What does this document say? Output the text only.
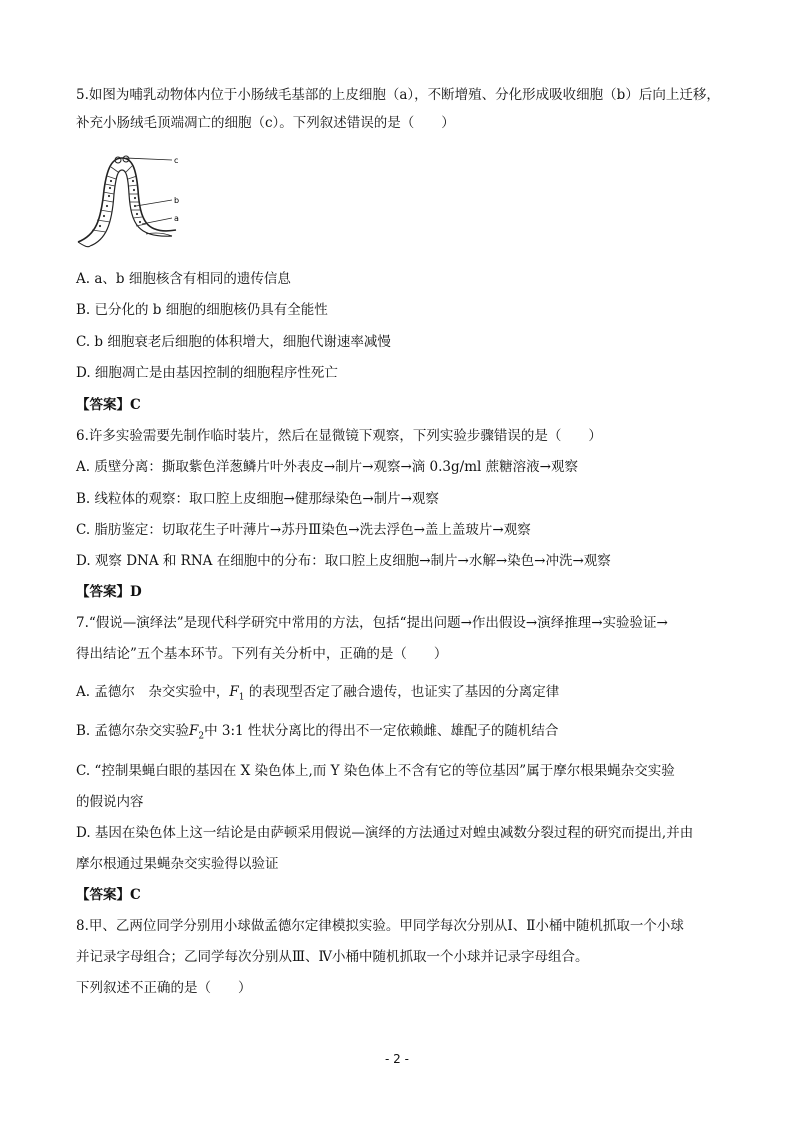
5.如图为哺乳动物体内位于小肠绒毛基部的上皮细胞（a），不断增殖、分化形成吸收细胞（b）后向上迁移，
补充小肠绒毛顶端凋亡的细胞（c）。下列叙述错误的是（　　）
c
b
a
A. a、b 细胞核含有相同的遗传信息
B. 已分化的 b 细胞的细胞核仍具有全能性
C. b 细胞衰老后细胞的体积增大，细胞代谢速率减慢
D. 细胞凋亡是由基因控制的细胞程序性死亡
【答案】C
6.许多实验需要先制作临时装片，然后在显微镜下观察，下列实验步骤错误的是（　　）
A. 质壁分离：撕取紫色洋葱鳞片叶外表皮→制片→观察→滴 0.3g/ml 蔗糖溶液→观察
B. 线粒体的观察：取口腔上皮细胞→健那绿染色→制片→观察
C. 脂肪鉴定：切取花生子叶薄片→苏丹Ⅲ染色→洗去浮色→盖上盖玻片→观察
D. 观察 DNA 和 RNA 在细胞中的分布：取口腔上皮细胞→制片→水解→染色→冲洗→观察
【答案】D
7.“假说—演绎法”是现代科学研究中常用的方法，包括“提出问题→作出假设→演绎推理→实验验证→
得出结论”五个基本环节。下列有关分析中，正确的是（　　）
A. 孟德尔　杂交实验中，$F_1$ 的表现型否定了融合遗传，也证实了基因的分离定律
B. 孟德尔杂交实验$F_2$中 3:1 性状分离比的得出不一定依赖雌、雄配子的随机结合
C. “控制果蝇白眼的基因在 X 染色体上,而 Y 染色体上不含有它的等位基因”属于摩尔根果蝇杂交实验
的假说内容
D. 基因在染色体上这一结论是由萨顿采用假说—演绎的方法通过对蝗虫减数分裂过程的研究而提出,并由
摩尔根通过果蝇杂交实验得以验证
【答案】C
8.甲、乙两位同学分别用小球做孟德尔定律模拟实验。甲同学每次分别从Ⅰ、Ⅱ小桶中随机抓取一个小球
并记录字母组合；乙同学每次分别从Ⅲ、Ⅳ小桶中随机抓取一个小球并记录字母组合。
下列叙述不正确的是（　　）
- 2 -
